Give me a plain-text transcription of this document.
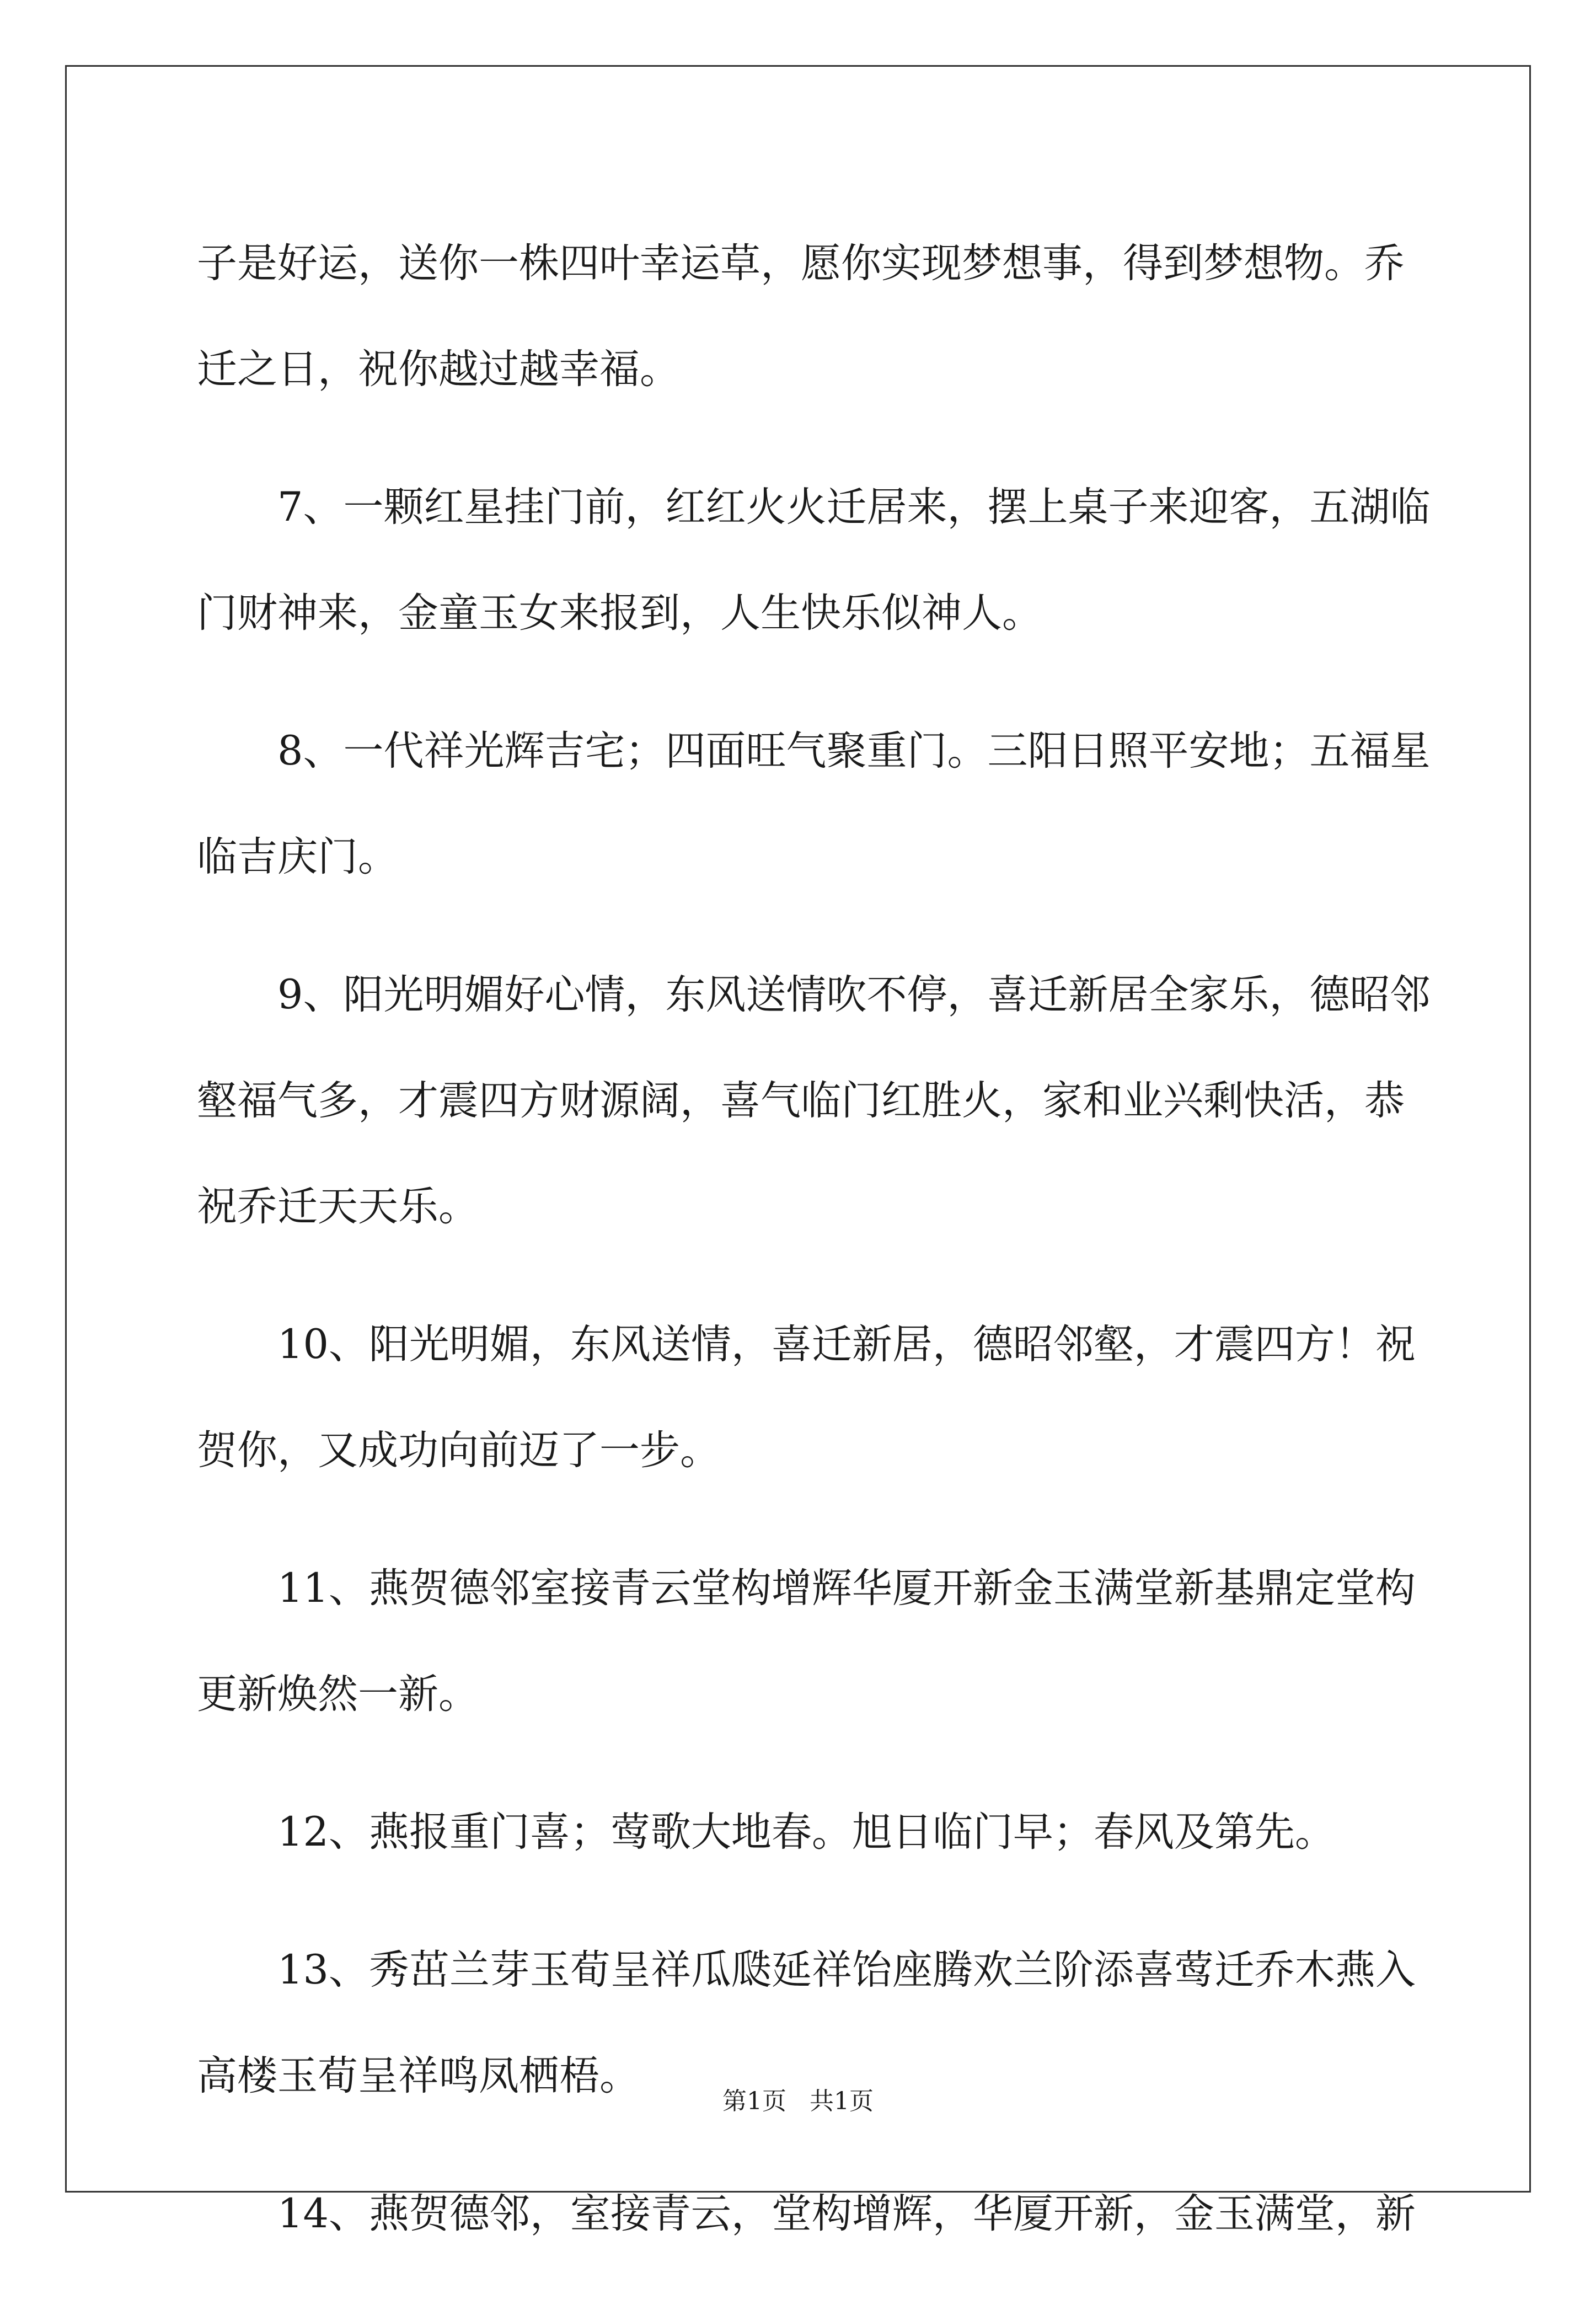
子是好运，送你一株四叶幸运草，愿你实现梦想事，得到梦想物。乔
迁之日，祝你越过越幸福。

7、一颗红星挂门前，红红火火迁居来，摆上桌子来迎客，五湖临
门财神来，金童玉女来报到，人生快乐似神人。

8、一代祥光辉吉宅；四面旺气聚重门。三阳日照平安地；五福星
临吉庆门。

9、阳光明媚好心情，东风送情吹不停，喜迁新居全家乐，德昭邻
壑福气多，才震四方财源阔，喜气临门红胜火，家和业兴剩快活，恭
祝乔迁天天乐。

10、阳光明媚，东风送情，喜迁新居，德昭邻壑，才震四方！祝
贺你，又成功向前迈了一步。

11、燕贺德邻室接青云堂构增辉华厦开新金玉满堂新基鼎定堂构
更新焕然一新。

12、燕报重门喜；莺歌大地春。旭日临门早；春风及第先。

13、秀茁兰芽玉荀呈祥瓜瓞延祥饴座腾欢兰阶添喜莺迁乔木燕入
高楼玉荀呈祥鸣凤栖梧。

14、燕贺德邻，室接青云，堂构增辉，华厦开新，金玉满堂，新

第1页 共1页
